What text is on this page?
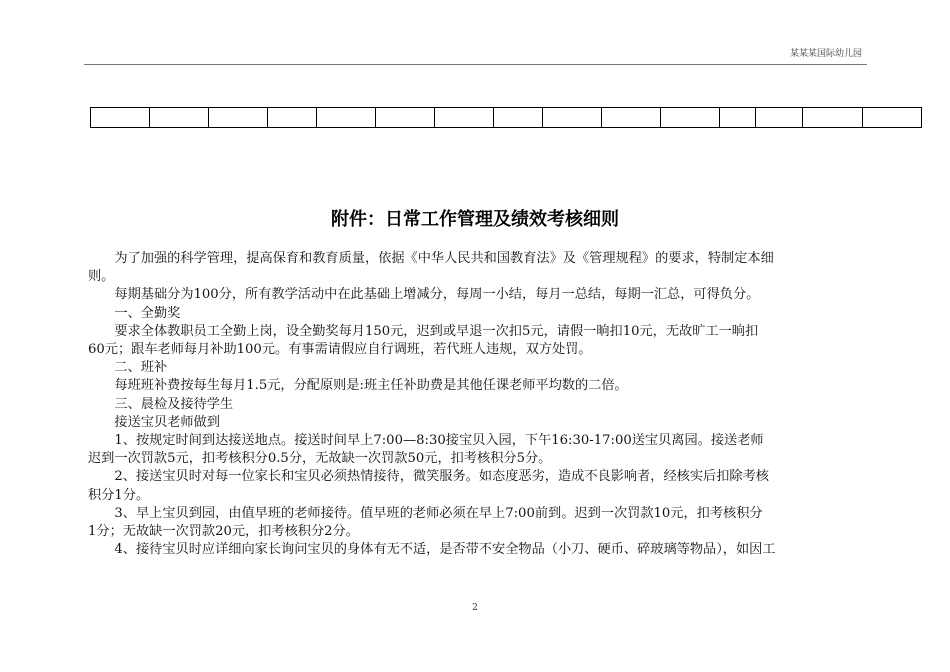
某某某国际幼儿园

附件：日常工作管理及绩效考核细则

为了加强的科学管理，提高保育和教育质量，依据《中华人民共和国教育法》及《管理规程》的要求，特制定本细

则。

每期基础分为100分，所有教学活动中在此基础上增减分，每周一小结，每月一总结，每期一汇总，可得负分。

一、全勤奖

要求全体教职员工全勤上岗，设全勤奖每月150元，迟到或早退一次扣5元，请假一晌扣10元，无故旷工一晌扣

60元；跟车老师每月补助100元。有事需请假应自行调班，若代班人违规，双方处罚。

二、班补

每班班补费按每生每月1.5元，分配原则是:班主任补助费是其他任课老师平均数的二倍。

三、晨检及接待学生

接送宝贝老师做到

1、按规定时间到达接送地点。接送时间早上7:00—8:30接宝贝入园，下午16:30-17:00送宝贝离园。接送老师

迟到一次罚款5元，扣考核积分0.5分，无故缺一次罚款50元，扣考核积分5分。

2、接送宝贝时对每一位家长和宝贝必须热情接待，微笑服务。如态度恶劣，造成不良影响者，经核实后扣除考核

积分1分。

3、早上宝贝到园，由值早班的老师接待。值早班的老师必须在早上7:00前到。迟到一次罚款10元，扣考核积分

1分；无故缺一次罚款20元，扣考核积分2分。

4、接待宝贝时应详细向家长询问宝贝的身体有无不适，是否带不安全物品（小刀、硬币、碎玻璃等物品），如因工

2
